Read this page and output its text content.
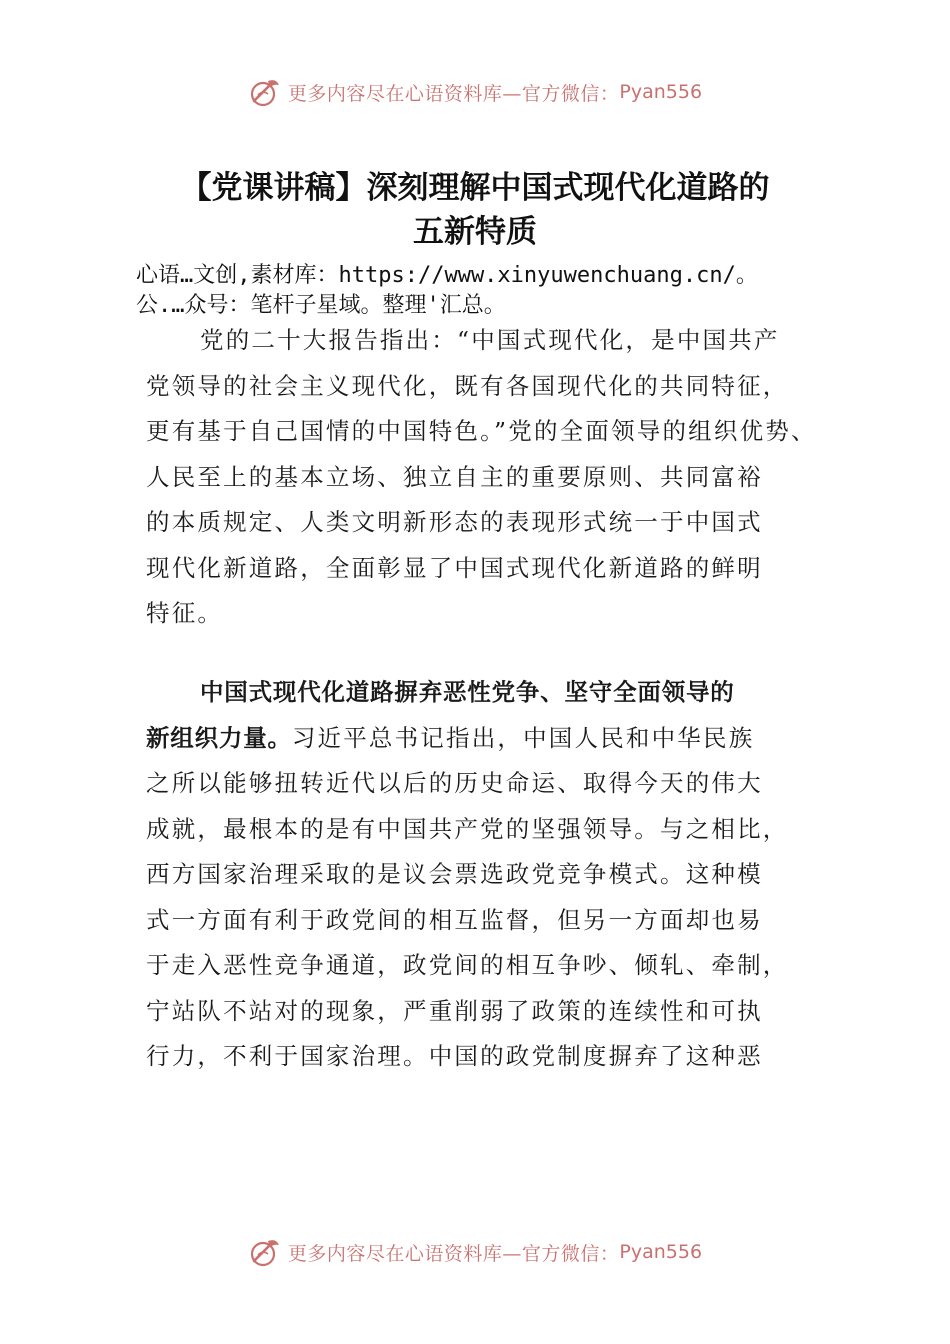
更多内容尽在心语资料库—官方微信： Pyan556
【党课讲稿】深刻理解中国式现代化道路的
五新特质
心语…文创,素材库：https://www.xinyuwenchuang.cn/。
公.…众号：笔杆子星域。整理'汇总。
党的二十大报告指出：“中国式现代化，是中国共产
党领导的社会主义现代化，既有各国现代化的共同特征，
更有基于自己国情的中国特色。”党的全面领导的组织优势、
人民至上的基本立场、独立自主的重要原则、共同富裕
的本质规定、人类文明新形态的表现形式统一于中国式
现代化新道路，全面彰显了中国式现代化新道路的鲜明
特征。
中国式现代化道路摒弃恶性党争、坚守全面领导的
新组织力量。习近平总书记指出，中国人民和中华民族
之所以能够扭转近代以后的历史命运、取得今天的伟大
成就，最根本的是有中国共产党的坚强领导。与之相比，
西方国家治理采取的是议会票选政党竞争模式。这种模
式一方面有利于政党间的相互监督，但另一方面却也易
于走入恶性竞争通道，政党间的相互争吵、倾轧、牵制，
宁站队不站对的现象，严重削弱了政策的连续性和可执
行力，不利于国家治理。中国的政党制度摒弃了这种恶
更多内容尽在心语资料库—官方微信： Pyan556
